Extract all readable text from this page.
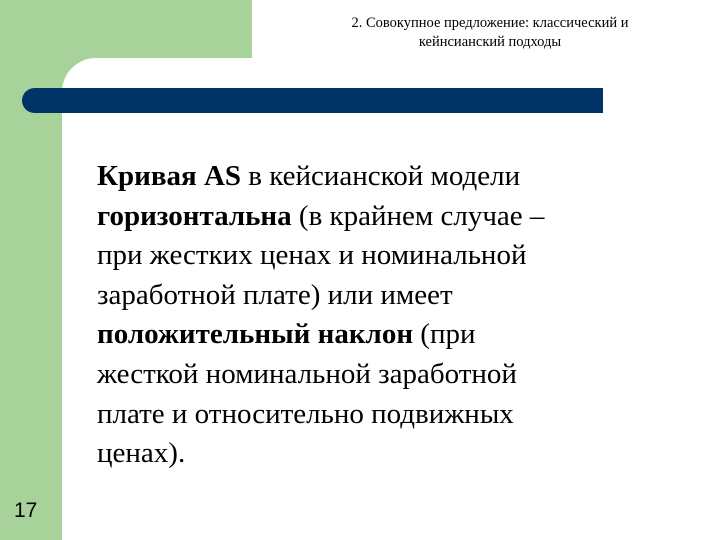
2. Совокупное предложение: классический и
кейнсианский подходы
Кривая AS в кейсианской модели
горизонтальна (в крайнем случае –
при жестких ценах и номинальной
заработной плате) или имеет
положительный наклон (при
жесткой номинальной заработной
плате и относительно подвижных
ценах).
17
